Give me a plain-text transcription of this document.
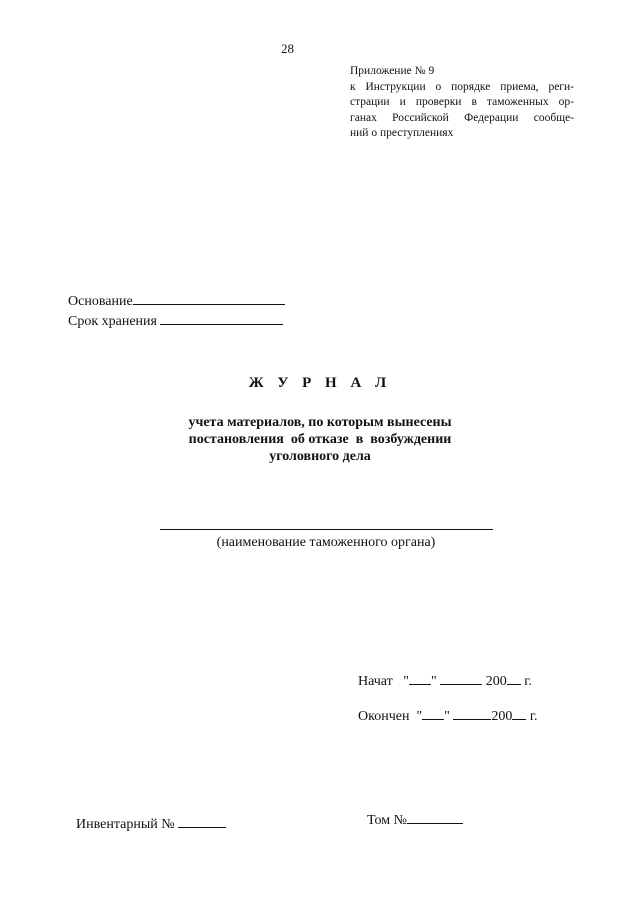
28
Приложение № 9
к Инструкции о порядке приема, реги-
страции и проверки в таможенных ор-
ганах Российской Федерации сообще-
ний о преступлениях
Основание
Срок хранения
Ж У Р Н А Л
учета материалов, по которым вынесены
постановления  об отказе  в  возбуждении
уголовного дела
(наименование таможенного органа)
Начат " "	200 г.
Окончен " "	200 г.
Инвентарный №	Том №
